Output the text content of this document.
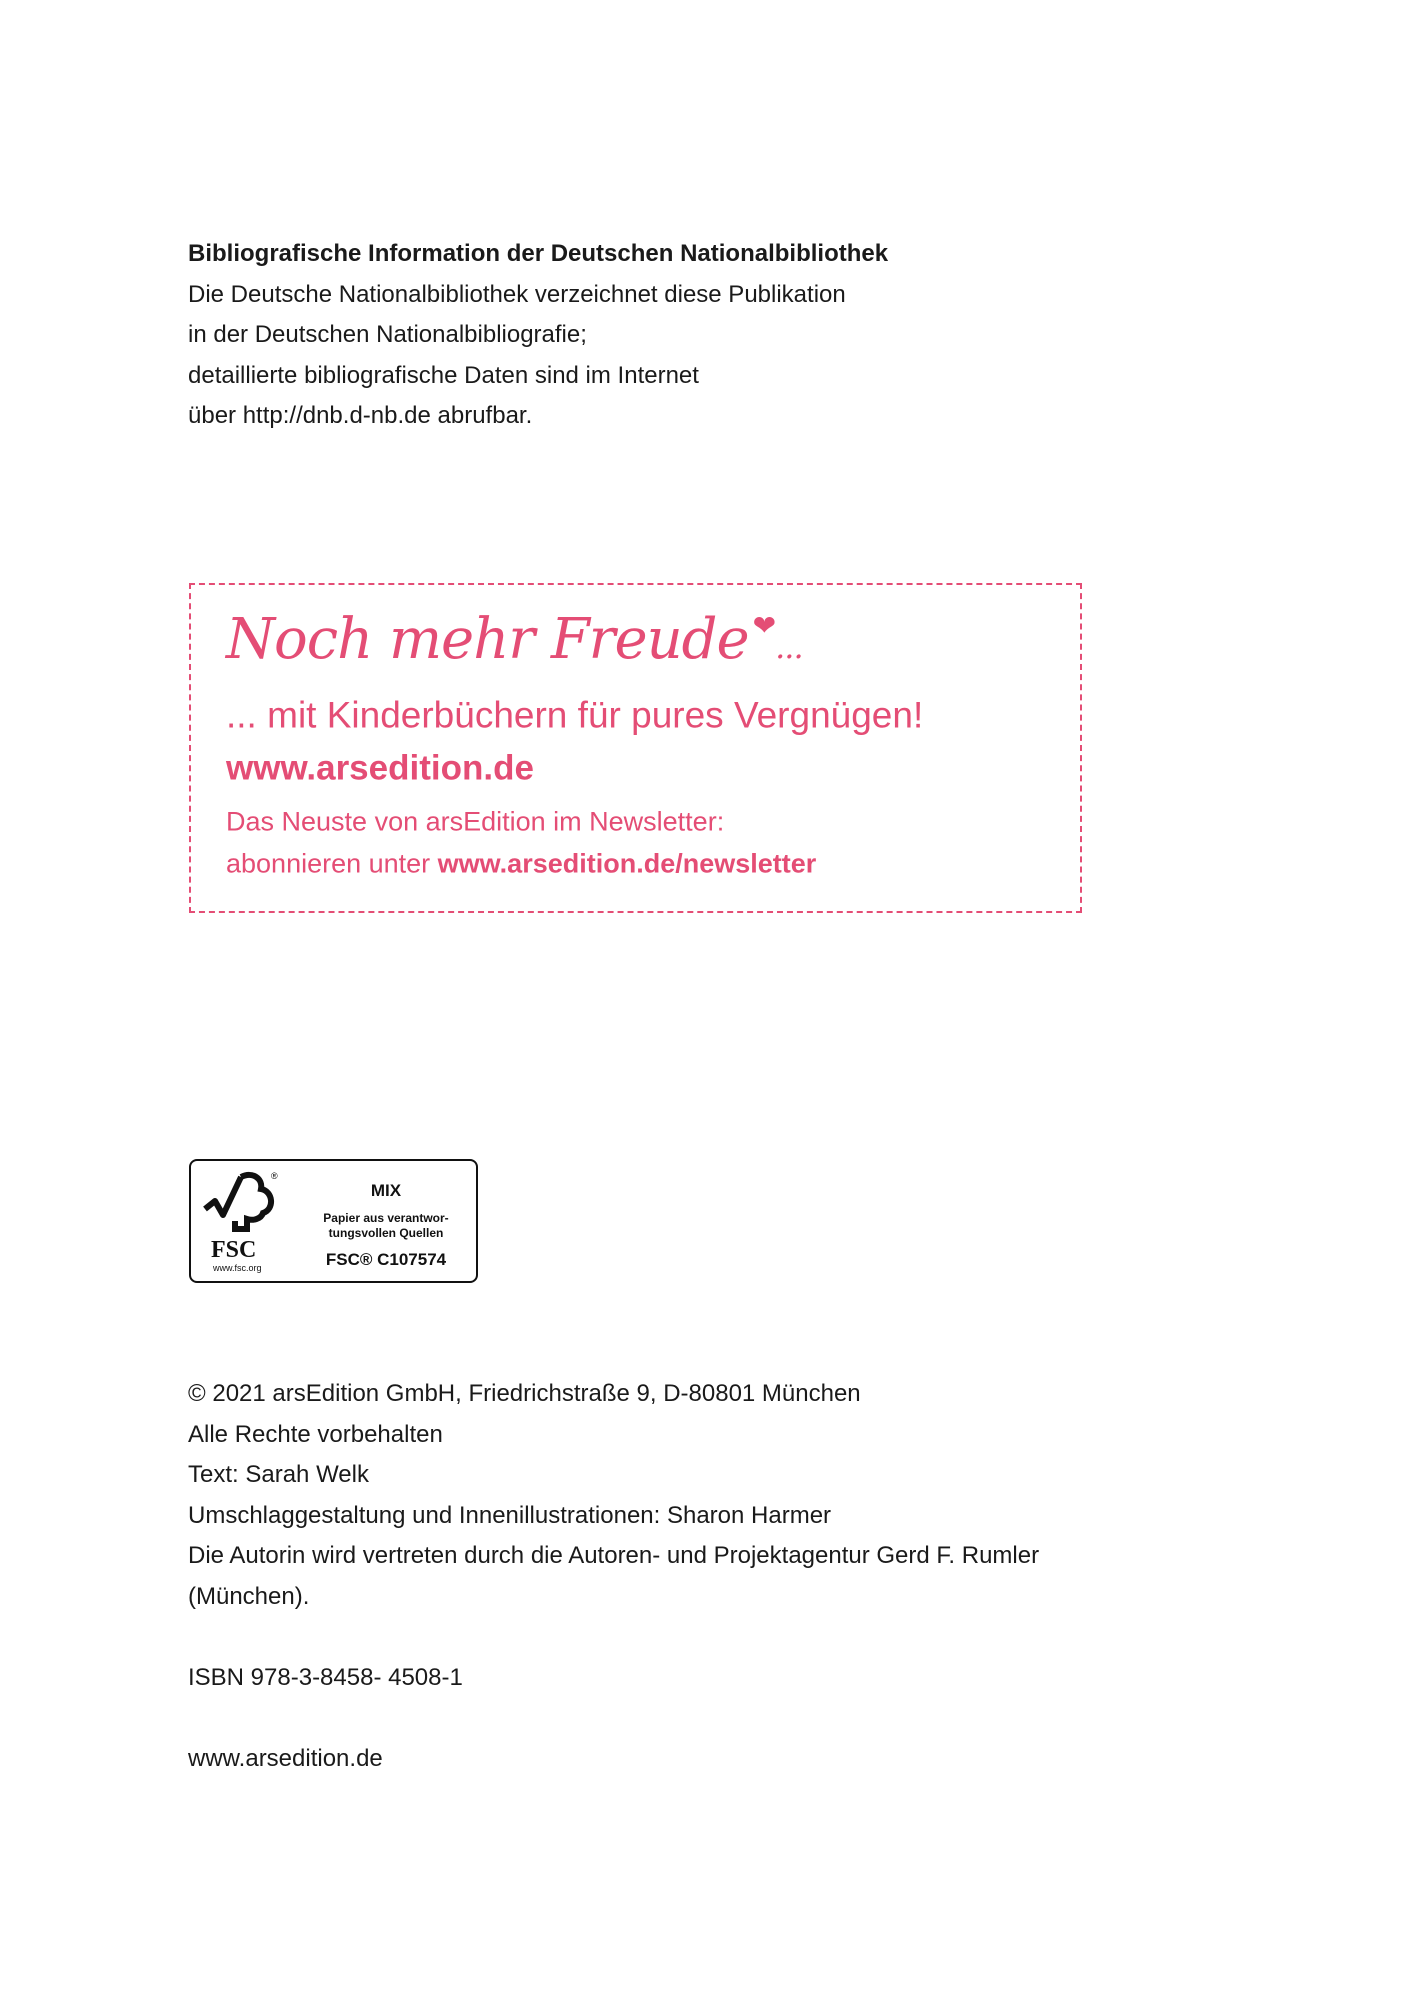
Bibliografische Information der Deutschen Nationalbibliothek
Die Deutsche Nationalbibliothek verzeichnet diese Publikation
in der Deutschen Nationalbibliografie;
detaillierte bibliografische Daten sind im Internet
über http://dnb.d-nb.de abrufbar.
Noch mehr Freude ❤...
... mit Kinderbüchern für pures Vergnügen!
www.arsedition.de
Das Neuste von arsEdition im Newsletter:
abonnieren unter www.arsedition.de/newsletter
®
FSC
www.fsc.org
MIX
Papier aus verantwor-
tungsvollen Quellen
FSC® C107574
© 2021 arsEdition GmbH, Friedrichstraße 9, D-80801 München
Alle Rechte vorbehalten
Text: Sarah Welk
Umschlaggestaltung und Innenillustrationen: Sharon Harmer
Die Autorin wird vertreten durch die Autoren- und Projektagentur Gerd F. Rumler
(München).
ISBN 978-3-8458- 4508-1
www.arsedition.de
